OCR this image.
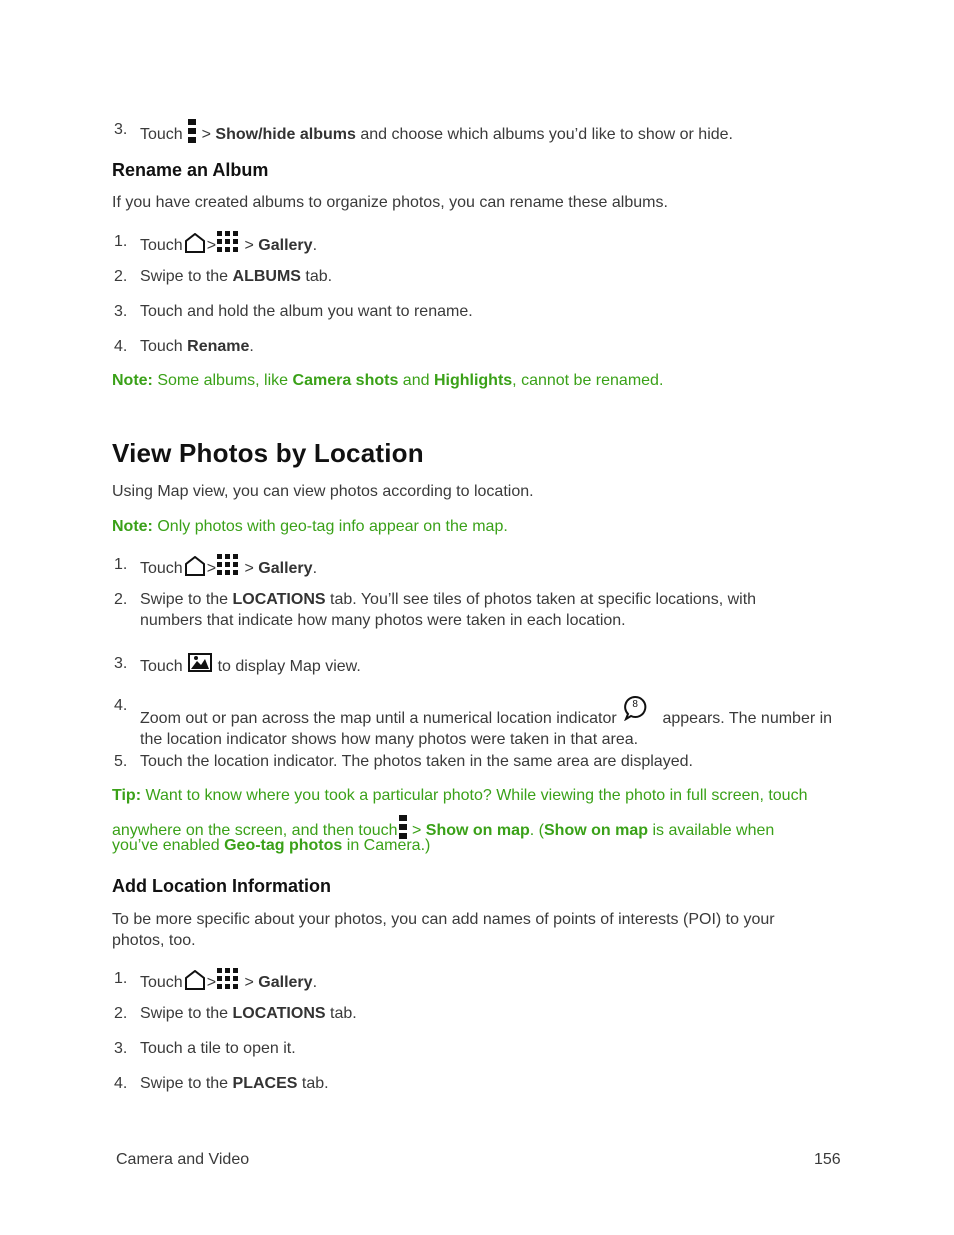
3. Touch > Show/hide albums and choose which albums you’d like to show or hide.
Rename an Album
If you have created albums to organize photos, you can rename these albums.
1. Touch > > Gallery.
2. Swipe to the ALBUMS tab.
3. Touch and hold the album you want to rename.
4. Touch Rename.
Note: Some albums, like Camera shots and Highlights, cannot be renamed.
View Photos by Location
Using Map view, you can view photos according to location.
Note: Only photos with geo-tag info appear on the map.
1. Touch > > Gallery.
2. Swipe to the LOCATIONS tab. You’ll see tiles of photos taken at specific locations, with
numbers that indicate how many photos were taken in each location.
3. Touch to display Map view.
4.
Zoom out or pan across the map until a numerical location indicator
8
appears. The number in
the location indicator shows how many photos were taken in that area.
5. Touch the location indicator. The photos taken in the same area are displayed.
Tip: Want to know where you took a particular photo? While viewing the photo in full screen, touch
anywhere on the screen, and then touch > Show on map. (Show on map is available when
you’ve enabled Geo-tag photos in Camera.)
Add Location Information
To be more specific about your photos, you can add names of points of interests (POI) to your
photos, too.
1. Touch > > Gallery.
2. Swipe to the LOCATIONS tab.
3. Touch a tile to open it.
4. Swipe to the PLACES tab.
Camera and Video	156
